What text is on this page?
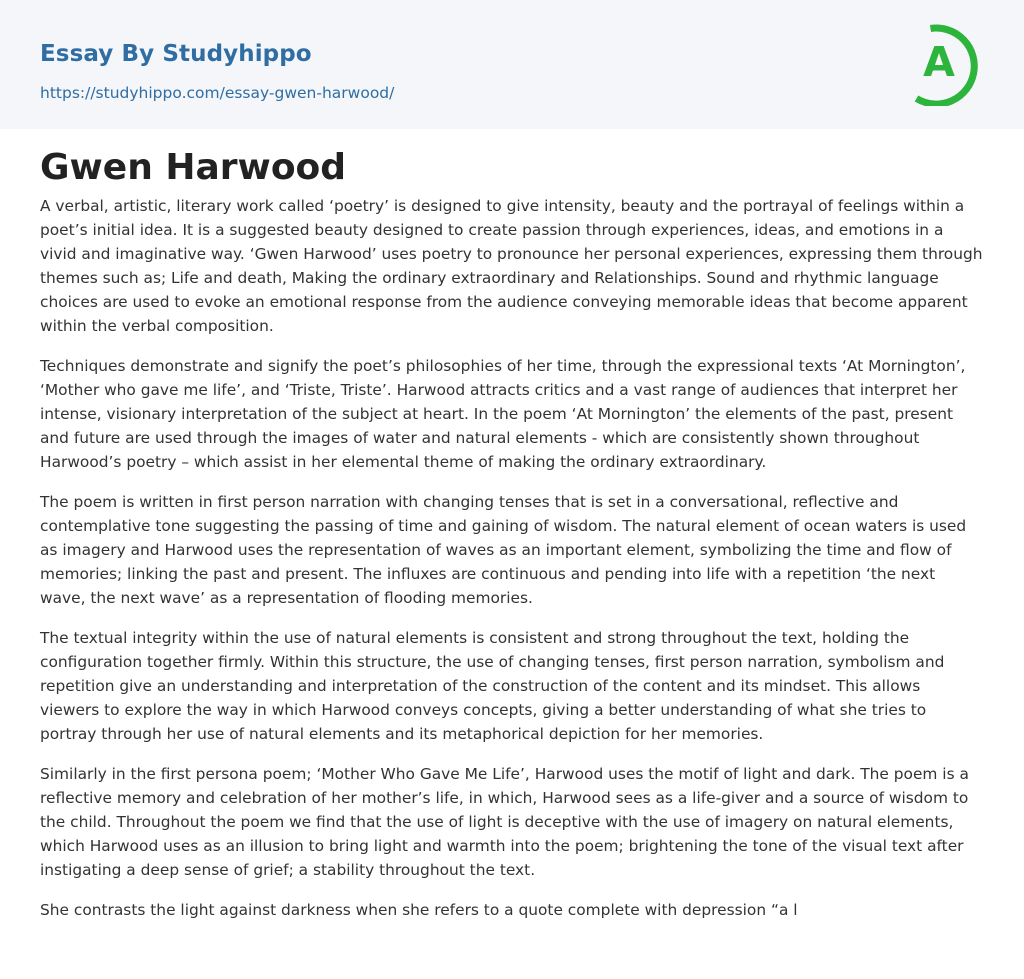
Essay By Studyhippo
https://studyhippo.com/essay-gwen-harwood/
A
Gwen Harwood

A verbal, artistic, literary work called ‘poetry’ is designed to give intensity, beauty and the portrayal of feelings within a poet’s initial idea. It is a suggested beauty designed to create passion through experiences, ideas, and emotions in a vivid and imaginative way. ‘Gwen Harwood’ uses poetry to pronounce her personal experiences, expressing them through themes such as; Life and death, Making the ordinary extraordinary and Relationships. Sound and rhythmic language choices are used to evoke an emotional response from the audience conveying memorable ideas that become apparent within the verbal composition.

Techniques demonstrate and signify the poet’s philosophies of her time, through the expressional texts ‘At Mornington’, ‘Mother who gave me life’, and ‘Triste, Triste’. Harwood attracts critics and a vast range of audiences that interpret her intense, visionary interpretation of the subject at heart. In the poem ‘At Mornington’ the elements of the past, present and future are used through the images of water and natural elements - which are consistently shown throughout Harwood’s poetry – which assist in her elemental theme of making the ordinary extraordinary.

The poem is written in first person narration with changing tenses that is set in a conversational, reflective and contemplative tone suggesting the passing of time and gaining of wisdom. The natural element of ocean waters is used as imagery and Harwood uses the representation of waves as an important element, symbolizing the time and flow of memories; linking the past and present. The influxes are continuous and pending into life with a repetition ‘the next wave, the next wave’ as a representation of flooding memories.

The textual integrity within the use of natural elements is consistent and strong throughout the text, holding the configuration together firmly. Within this structure, the use of changing tenses, first person narration, symbolism and repetition give an understanding and interpretation of the construction of the content and its mindset. This allows viewers to explore the way in which Harwood conveys concepts, giving a better understanding of what she tries to portray through her use of natural elements and its metaphorical depiction for her memories.

Similarly in the first persona poem; ‘Mother Who Gave Me Life’, Harwood uses the motif of light and dark. The poem is a reflective memory and celebration of her mother’s life, in which, Harwood sees as a life-giver and a source of wisdom to the child. Throughout the poem we find that the use of light is deceptive with the use of imagery on natural elements, which Harwood uses as an illusion to bring light and warmth into the poem; brightening the tone of the visual text after instigating a deep sense of grief; a stability throughout the text.

She contrasts the light against darkness when she refers to a quote complete with depression “a l
